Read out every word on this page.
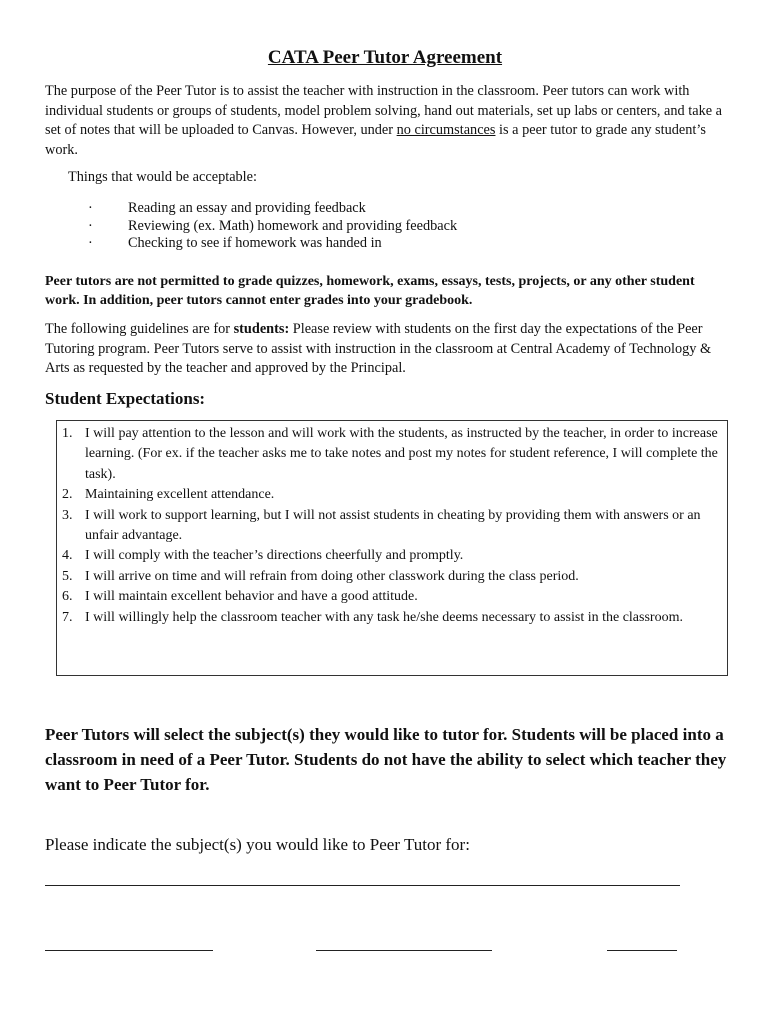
CATA Peer Tutor Agreement
The purpose of the Peer Tutor is to assist the teacher with instruction in the classroom. Peer tutors can work with individual students or groups of students, model problem solving, hand out materials, set up labs or centers, and take a set of notes that will be uploaded to Canvas. However, under no circumstances is a peer tutor to grade any student’s work.
Things that would be acceptable:
· Reading an essay and providing feedback
· Reviewing (ex. Math) homework and providing feedback
· Checking to see if homework was handed in
Peer tutors are not permitted to grade quizzes, homework, exams, essays, tests, projects, or any other student work. In addition, peer tutors cannot enter grades into your gradebook.
The following guidelines are for students: Please review with students on the first day the expectations of the Peer Tutoring program. Peer Tutors serve to assist with instruction in the classroom at Central Academy of Technology & Arts as requested by the teacher and approved by the Principal.
Student Expectations:
1. I will pay attention to the lesson and will work with the students, as instructed by the teacher, in order to increase learning. (For ex. if the teacher asks me to take notes and post my notes for student reference, I will complete the task).
2. Maintaining excellent attendance.
3. I will work to support learning, but I will not assist students in cheating by providing them with answers or an unfair advantage.
4. I will comply with the teacher’s directions cheerfully and promptly.
5. I will arrive on time and will refrain from doing other classwork during the class period.
6. I will maintain excellent behavior and have a good attitude.
7. I will willingly help the classroom teacher with any task he/she deems necessary to assist in the classroom.
Peer Tutors will select the subject(s) they would like to tutor for. Students will be placed into a classroom in need of a Peer Tutor. Students do not have the ability to select which teacher they want to Peer Tutor for.
Please indicate the subject(s) you would like to Peer Tutor for:
